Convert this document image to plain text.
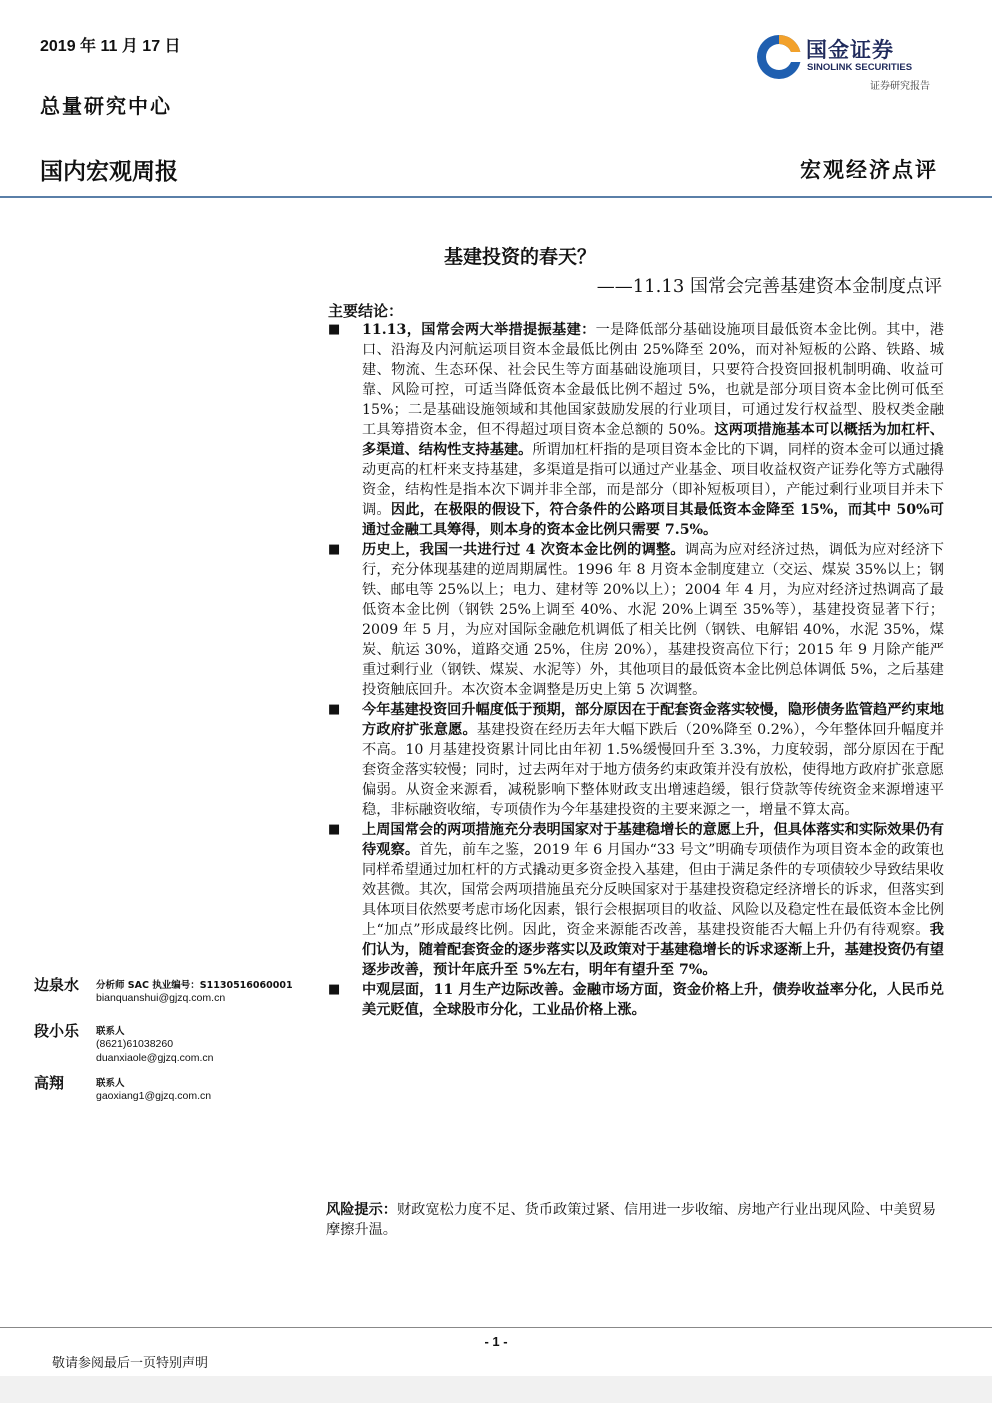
2019 年 11 月 17 日
总量研究中心
国金证券
SINOLINK SECURITIES
证券研究报告
国内宏观周报	宏观经济点评
基建投资的春天？
——11.13 国常会完善基建资本金制度点评
主要结论：

■ 11.13，国常会两大举措提振基建：一是降低部分基础设施项目最低资本金比例。其中，港口、沿海及内河航运项目资本金最低比例由 25%降至 20%，而对补短板的公路、铁路、城建、物流、生态环保、社会民生等方面基础设施项目，只要符合投资回报机制明确、收益可靠、风险可控，可适当降低资本金最低比例不超过 5%，也就是部分项目资本金比例可低至 15%；二是基础设施领域和其他国家鼓励发展的行业项目，可通过发行权益型、股权类金融工具筹措资本金，但不得超过项目资本金总额的 50%。这两项措施基本可以概括为加杠杆、多渠道、结构性支持基建。所谓加杠杆指的是项目资本金比的下调，同样的资本金可以通过撬动更高的杠杆来支持基建，多渠道是指可以通过产业基金、项目收益权资产证券化等方式融得资金，结构性是指本次下调并非全部，而是部分（即补短板项目），产能过剩行业项目并未下调。因此，在极限的假设下，符合条件的公路项目其最低资本金降至 15%，而其中 50%可通过金融工具筹得，则本身的资本金比例只需要 7.5%。

■ 历史上，我国一共进行过 4 次资本金比例的调整。调高为应对经济过热，调低为应对经济下行，充分体现基建的逆周期属性。1996 年 8 月资本金制度建立（交运、煤炭 35%以上；钢铁、邮电等 25%以上；电力、建材等 20%以上）；2004 年 4 月，为应对经济过热调高了最低资本金比例（钢铁 25%上调至 40%、水泥 20%上调至 35%等），基建投资显著下行；2009 年 5 月，为应对国际金融危机调低了相关比例（钢铁、电解铝 40%，水泥 35%，煤炭、航运 30%，道路交通 25%，住房 20%），基建投资高位下行；2015 年 9 月除产能严重过剩行业（钢铁、煤炭、水泥等）外，其他项目的最低资本金比例总体调低 5%，之后基建投资触底回升。本次资本金调整是历史上第 5 次调整。

■ 今年基建投资回升幅度低于预期，部分原因在于配套资金落实较慢，隐形债务监管趋严约束地方政府扩张意愿。基建投资在经历去年大幅下跌后（20%降至 0.2%），今年整体回升幅度并不高。10 月基建投资累计同比由年初 1.5%缓慢回升至 3.3%，力度较弱，部分原因在于配套资金落实较慢；同时，过去两年对于地方债务约束政策并没有放松，使得地方政府扩张意愿偏弱。从资金来源看，减税影响下整体财政支出增速趋缓，银行贷款等传统资金来源增速平稳，非标融资收缩，专项债作为今年基建投资的主要来源之一，增量不算太高。

■ 上周国常会的两项措施充分表明国家对于基建稳增长的意愿上升，但具体落实和实际效果仍有待观察。首先，前车之鉴，2019 年 6 月国办“33 号文”明确专项债作为项目资本金的政策也同样希望通过加杠杆的方式撬动更多资金投入基建，但由于满足条件的专项债较少导致结果收效甚微。其次，国常会两项措施虽充分反映国家对于基建投资稳定经济增长的诉求，但落实到具体项目依然要考虑市场化因素，银行会根据项目的收益、风险以及稳定性在最低资本金比例上“加点”形成最终比例。因此，资金来源能否改善，基建投资能否大幅上升仍有待观察。我们认为，随着配套资金的逐步落实以及政策对于基建稳增长的诉求逐渐上升，基建投资仍有望逐步改善，预计年底升至 5%左右，明年有望升至 7%。

■ 中观层面，11 月生产边际改善。金融市场方面，资金价格上升，债券收益率分化，人民币兑美元贬值，全球股市分化，工业品价格上涨。

风险提示：财政宽松力度不足、货币政策过紧、信用进一步收缩、房地产行业出现风险、中美贸易摩擦升温。
边泉水 分析师 SAC 执业编号：S1130516060001
bianquanshui@gjzq.com.cn
段小乐 联系人
(8621)61038260
duanxiaole@gjzq.com.cn
高翔	联系人
gaoxiang1@gjzq.com.cn
- 1 -
敬请参阅最后一页特别声明
